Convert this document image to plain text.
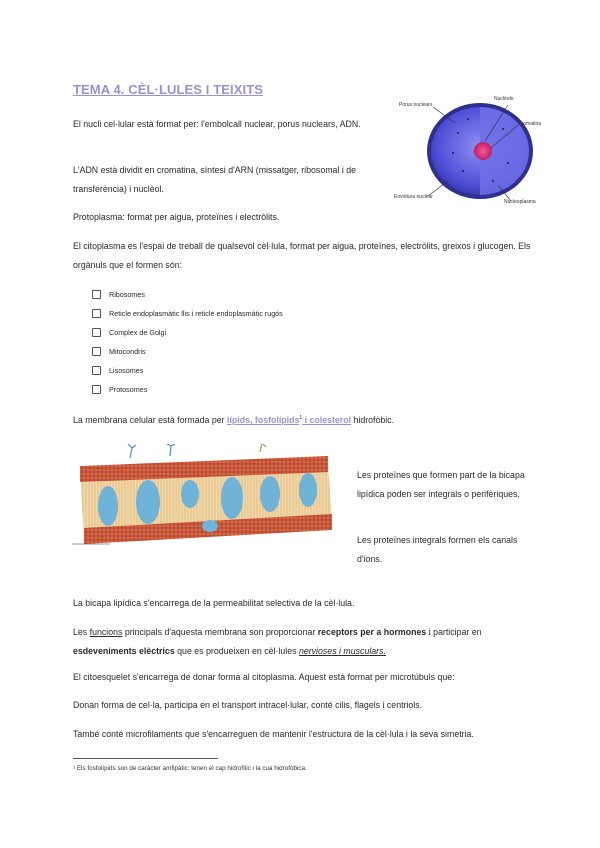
TEMA 4. CÈL·LULES I TEIXITS
El nucli cel·lular està format per: l'embolcall nuclear, porus nuclears, ADN.
L'ADN està dividit en cromatina, síntesi d'ARN (missatger, ribosomal i de transferència) i nuclèol.
Protoplasma: format per aigua, proteïnes i electròlits.
El citoplasma es l'espai de treball de qualsevol cèl·lula, format per aigua, proteïnes, electròlits, greixos i glucogen. Els orgànuls que el formen són:
Porus nuclears
Nucléolo
Cromatina
Envoltura nuclear
Nucleoplasma
Ribosomes
Reticle endoplasmàtic llis i reticle endoplasmàtic rugós
Complex de Golgi
Mitocondris
Lisosomes
Protosomes
La membrana celular està formada per lípids, fosfolípids$^1$ i colesterol hidrofòbic.
Les proteïnes que formen part de la bicapa lipídica poden ser integrals o perifèriques.
Les proteïnes integrals formen els canals d'ions.
La bicapa lipídica s'encarrega de la permeabilitat selectiva de la cèl·lula.
Les funcions principals d'aquesta membrana son proporcionar receptors per a hormones i participar en esdeveniments elèctrics que es produeixen en cèl·lules nervioses i musculars.
El citoesquelet s'encarrega de donar forma al citoplasma. Aquest està format per microtúbuls que:
Donan forma de cel·la, participa en el transport intracel·lular, conté cilis, flagels i centriols.
També conté microfilaments que s'encarreguen de mantenir l'estructura de la cèl·lula i la seva simetria.
¹ Els fosfolípids son de caràcter amfipàtic: tenen el cap hidrofílic i la cua hidrofòbica.
